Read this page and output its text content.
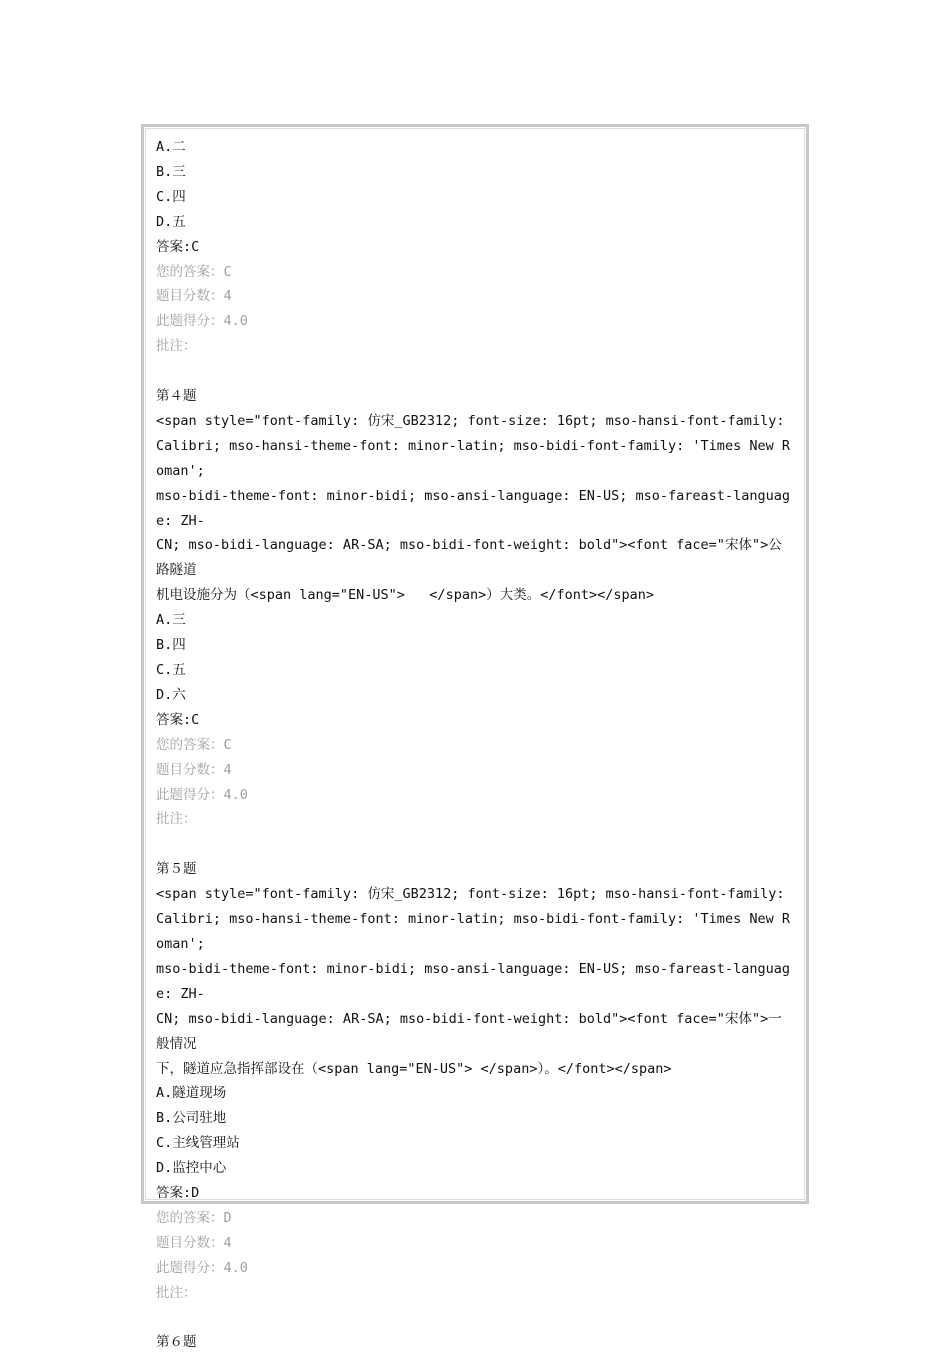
A.二
B.三
C.四
D.五
答案:C
您的答案：C
题目分数：4
此题得分：4.0
批注：
第４题
<span style="font-family: 仿宋_GB2312; font-size: 16pt; mso-hansi-font-family:
Calibri; mso-hansi-theme-font: minor-latin; mso-bidi-font-family: 'Times New Roman';
mso-bidi-theme-font: minor-bidi; mso-ansi-language: EN-US; mso-fareast-language: ZH-
CN; mso-bidi-language: AR-SA; mso-bidi-font-weight: bold"><font face="宋体">公路隧道
机电设施分为（<span lang="EN-US">   </span>）大类。</font></span>
A.三
B.四
C.五
D.六
答案:C
您的答案：C
题目分数：4
此题得分：4.0
批注：
第５题
<span style="font-family: 仿宋_GB2312; font-size: 16pt; mso-hansi-font-family:
Calibri; mso-hansi-theme-font: minor-latin; mso-bidi-font-family: 'Times New Roman';
mso-bidi-theme-font: minor-bidi; mso-ansi-language: EN-US; mso-fareast-language: ZH-
CN; mso-bidi-language: AR-SA; mso-bidi-font-weight: bold"><font face="宋体">一般情况
下，隧道应急指挥部设在（<span lang="EN-US"> </span>）。</font></span>
A.隧道现场
B.公司驻地
C.主线管理站
D.监控中心
答案:D
您的答案：D
题目分数：4
此题得分：4.0
批注：
第６题
